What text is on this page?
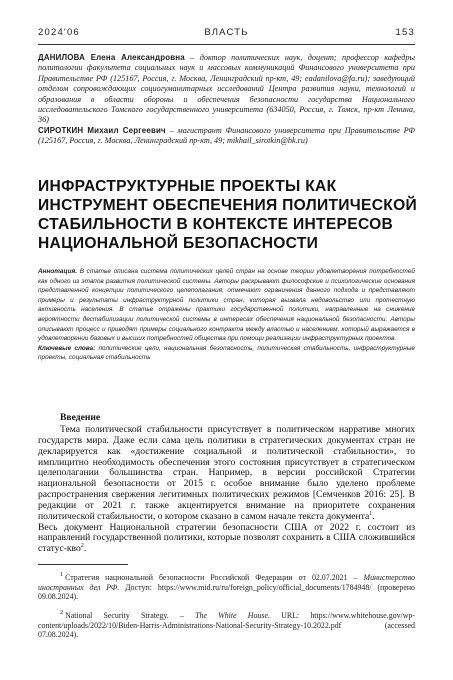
2024'06	ВЛАСТЬ	153

ДАНИЛОВА Елена Александровна – доктор политических наук, доцент; профессор кафедры политологии факультета социальных наук и массовых коммуникаций Финансового университета при Правительстве РФ (125167, Россия, г. Москва, Ленинградский пр-кт, 49; eadanilova@fa.ru); заведующий отделом сопровождающих социогуманитарных исследований Центра развития науки, технологий и образования в области обороны и обеспечения безопасности государства Национального исследовательского Томского государственного университета (634050, Россия, г. Томск, пр-кт Ленина, 36)

СИРОТКИН Михаил Сергеевич – магистрант Финансового университета при Правительстве РФ (125167, Россия, г. Москва, Ленинградский пр-кт, 49; mikhail_sirotkin@bk.ru)

ИНФРАСТРУКТУРНЫЕ ПРОЕКТЫ КАК ИНСТРУМЕНТ ОБЕСПЕЧЕНИЯ ПОЛИТИЧЕСКОЙ СТАБИЛЬНОСТИ В КОНТЕКСТЕ ИНТЕРЕСОВ НАЦИОНАЛЬНОЙ БЕЗОПАСНОСТИ

Аннотация. В статье описана система политических целей стран на основе теории удовлетворения потребностей как одного из этапов развития политической системы. Авторы раскрывают философские и психологические основания представленной концепции политического целеполагания, отмечают ограничения данного подхода и представляют примеры и результаты инфраструктурной политики стран, которая вызвала недовольство или протестную активность населения. В статье отражены практики государственной политики, направленные на снижение вероятности дестабилизации политической системы в интересах обеспечения национальной безопасности. Авторы описывают процесс и приводят примеры социального контракта между властью и населением, который выражается в удовлетворении базовых и высших потребностей общества при помощи реализации инфраструктурных проектов.

Ключевые слова: политические цели, национальная безопасность, политическая стабильность, инфраструктурные проекты, социальная стабильность

Введение

Тема политической стабильности присутствует в политическом нарративе многих государств мира. Даже если сама цель политики в стратегических документах стран не декларируется как «достижение социальной и политической стабильности», то имплицитно необходимость обеспечения этого состояния присутствует в стратегическом целеполагании большинства стран. Например, в версии российской Стратегии национальной безопасности от 2015 г. особое внимание было уделено проблеме распространения свержения легитимных политических режимов [Семченков 2016: 25]. В редакции от 2021 г. также акцентируется внимание на приоритете сохранения политической стабильности, о котором сказано в самом начале текста документа$^1$.

Весь документ Национальной стратегии безопасности США от 2022 г. состоит из направлений государственной политики, которые позволят сохранить в США сложившийся статус-кво$^2$.

$^1$ Стратегия национальной безопасности Российской Федерации от 02.07.2021 – Министерство иностранных дел РФ. Доступ: https://www.mid.ru/ru/foreign_policy/official_documents/1784948/ (проверено 09.08.2024).

$^2$ National Security Strategy. – The White House. URL: https://www.whitehouse.gov/wp-content/uploads/2022/10/Biden-Harris-Administrations-National-Security-Strategy-10.2022.pdf (accessed 07.08.2024).
